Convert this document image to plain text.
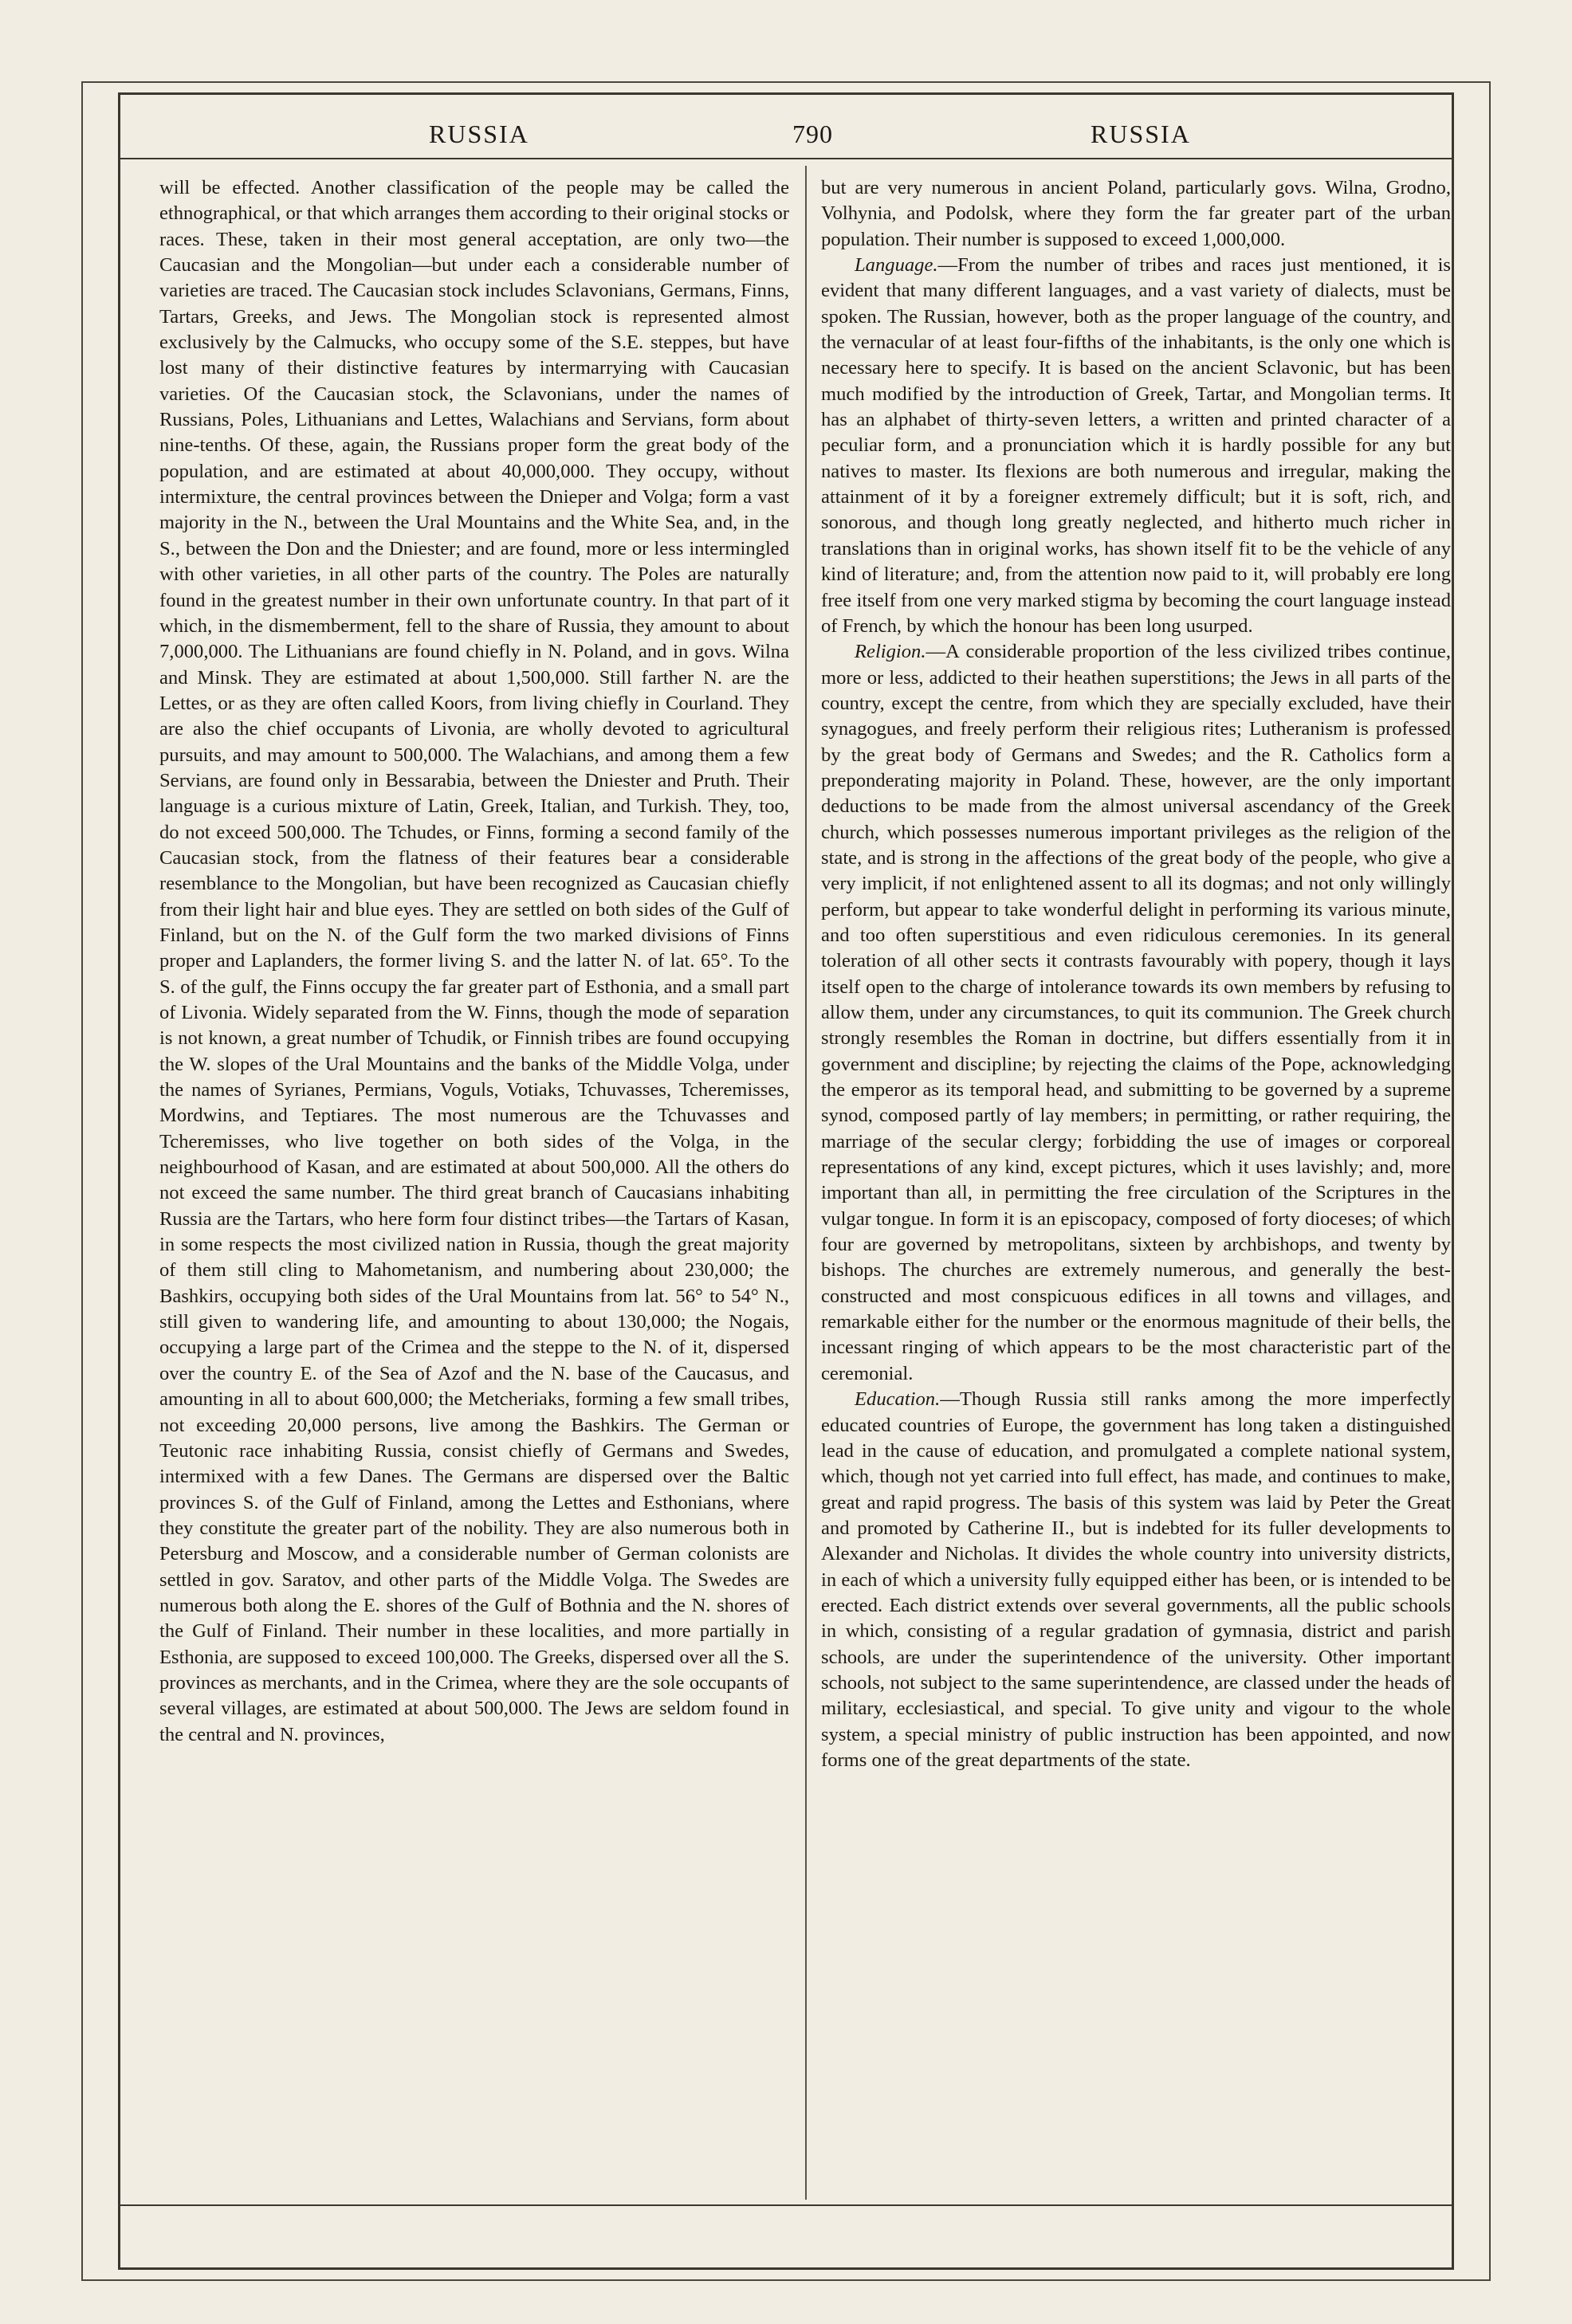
RUSSIA	790	RUSSIA

will be effected. Another classification of the people may be called the ethnographical, or that which arranges them according to their original stocks or races. These, taken in their most general acceptation, are only two—the Caucasian and the Mongolian—but under each a considerable number of varieties are traced. The Caucasian stock includes Sclavonians, Germans, Finns, Tartars, Greeks, and Jews. The Mongolian stock is represented almost exclusively by the Calmucks, who occupy some of the S.E. steppes, but have lost many of their distinctive features by intermarrying with Caucasian varieties. Of the Caucasian stock, the Sclavonians, under the names of Russians, Poles, Lithuanians and Lettes, Walachians and Servians, form about nine-tenths. Of these, again, the Russians proper form the great body of the population, and are estimated at about 40,000,000. They occupy, without intermixture, the central provinces between the Dnieper and Volga; form a vast majority in the N., between the Ural Mountains and the White Sea, and, in the S., between the Don and the Dniester; and are found, more or less intermingled with other varieties, in all other parts of the country. The Poles are naturally found in the greatest number in their own unfortunate country. In that part of it which, in the dismemberment, fell to the share of Russia, they amount to about 7,000,000. The Lithuanians are found chiefly in N. Poland, and in govs. Wilna and Minsk. They are estimated at about 1,500,000. Still farther N. are the Lettes, or as they are often called Koors, from living chiefly in Courland. They are also the chief occupants of Livonia, are wholly devoted to agricultural pursuits, and may amount to 500,000. The Walachians, and among them a few Servians, are found only in Bessarabia, between the Dniester and Pruth. Their language is a curious mixture of Latin, Greek, Italian, and Turkish. They, too, do not exceed 500,000. The Tchudes, or Finns, forming a second family of the Caucasian stock, from the flatness of their features bear a considerable resemblance to the Mongolian, but have been recognized as Caucasian chiefly from their light hair and blue eyes. They are settled on both sides of the Gulf of Finland, but on the N. of the Gulf form the two marked divisions of Finns proper and Laplanders, the former living S. and the latter N. of lat. 65°. To the S. of the gulf, the Finns occupy the far greater part of Esthonia, and a small part of Livonia. Widely separated from the W. Finns, though the mode of separation is not known, a great number of Tchudik, or Finnish tribes are found occupying the W. slopes of the Ural Mountains and the banks of the Middle Volga, under the names of Syrianes, Permians, Voguls, Votiaks, Tchuvasses, Tcheremisses, Mordwins, and Teptiares. The most numerous are the Tchuvasses and Tcheremisses, who live together on both sides of the Volga, in the neighbourhood of Kasan, and are estimated at about 500,000. All the others do not exceed the same number. The third great branch of Caucasians inhabiting Russia are the Tartars, who here form four distinct tribes—the Tartars of Kasan, in some respects the most civilized nation in Russia, though the great majority of them still cling to Mahometanism, and numbering about 230,000; the Bashkirs, occupying both sides of the Ural Mountains from lat. 56° to 54° N., still given to wandering life, and amounting to about 130,000; the Nogais, occupying a large part of the Crimea and the steppe to the N. of it, dispersed over the country E. of the Sea of Azof and the N. base of the Caucasus, and amounting in all to about 600,000; the Metcheriaks, forming a few small tribes, not exceeding 20,000 persons, live among the Bashkirs. The German or Teutonic race inhabiting Russia, consist chiefly of Germans and Swedes, intermixed with a few Danes. The Germans are dispersed over the Baltic provinces S. of the Gulf of Finland, among the Lettes and Esthonians, where they constitute the greater part of the nobility. They are also numerous both in Petersburg and Moscow, and a considerable number of German colonists are settled in gov. Saratov, and other parts of the Middle Volga. The Swedes are numerous both along the E. shores of the Gulf of Bothnia and the N. shores of the Gulf of Finland. Their number in these localities, and more partially in Esthonia, are supposed to exceed 100,000. The Greeks, dispersed over all the S. provinces as merchants, and in the Crimea, where they are the sole occupants of several villages, are estimated at about 500,000. The Jews are seldom found in the central and N. provinces,

but are very numerous in ancient Poland, particularly govs. Wilna, Grodno, Volhynia, and Podolsk, where they form the far greater part of the urban population. Their number is supposed to exceed 1,000,000.

Language.—From the number of tribes and races just mentioned, it is evident that many different languages, and a vast variety of dialects, must be spoken. The Russian, however, both as the proper language of the country, and the vernacular of at least four-fifths of the inhabitants, is the only one which is necessary here to specify. It is based on the ancient Sclavonic, but has been much modified by the introduction of Greek, Tartar, and Mongolian terms. It has an alphabet of thirty-seven letters, a written and printed character of a peculiar form, and a pronunciation which it is hardly possible for any but natives to master. Its flexions are both numerous and irregular, making the attainment of it by a foreigner extremely difficult; but it is soft, rich, and sonorous, and though long greatly neglected, and hitherto much richer in translations than in original works, has shown itself fit to be the vehicle of any kind of literature; and, from the attention now paid to it, will probably ere long free itself from one very marked stigma by becoming the court language instead of French, by which the honour has been long usurped.

Religion.—A considerable proportion of the less civilized tribes continue, more or less, addicted to their heathen superstitions; the Jews in all parts of the country, except the centre, from which they are specially excluded, have their synagogues, and freely perform their religious rites; Lutheranism is professed by the great body of Germans and Swedes; and the R. Catholics form a preponderating majority in Poland. These, however, are the only important deductions to be made from the almost universal ascendancy of the Greek church, which possesses numerous important privileges as the religion of the state, and is strong in the affections of the great body of the people, who give a very implicit, if not enlightened assent to all its dogmas; and not only willingly perform, but appear to take wonderful delight in performing its various minute, and too often superstitious and even ridiculous ceremonies. In its general toleration of all other sects it contrasts favourably with popery, though it lays itself open to the charge of intolerance towards its own members by refusing to allow them, under any circumstances, to quit its communion. The Greek church strongly resembles the Roman in doctrine, but differs essentially from it in government and discipline; by rejecting the claims of the Pope, acknowledging the emperor as its temporal head, and submitting to be governed by a supreme synod, composed partly of lay members; in permitting, or rather requiring, the marriage of the secular clergy; forbidding the use of images or corporeal representations of any kind, except pictures, which it uses lavishly; and, more important than all, in permitting the free circulation of the Scriptures in the vulgar tongue. In form it is an episcopacy, composed of forty dioceses; of which four are governed by metropolitans, sixteen by archbishops, and twenty by bishops. The churches are extremely numerous, and generally the best-constructed and most conspicuous edifices in all towns and villages, and remarkable either for the number or the enormous magnitude of their bells, the incessant ringing of which appears to be the most characteristic part of the ceremonial.

Education.—Though Russia still ranks among the more imperfectly educated countries of Europe, the government has long taken a distinguished lead in the cause of education, and promulgated a complete national system, which, though not yet carried into full effect, has made, and continues to make, great and rapid progress. The basis of this system was laid by Peter the Great and promoted by Catherine II., but is indebted for its fuller developments to Alexander and Nicholas. It divides the whole country into university districts, in each of which a university fully equipped either has been, or is intended to be erected. Each district extends over several governments, all the public schools in which, consisting of a regular gradation of gymnasia, district and parish schools, are under the superintendence of the university. Other important schools, not subject to the same superintendence, are classed under the heads of military, ecclesiastical, and special. To give unity and vigour to the whole system, a special ministry of public instruction has been appointed, and now forms one of the great departments of the state.
